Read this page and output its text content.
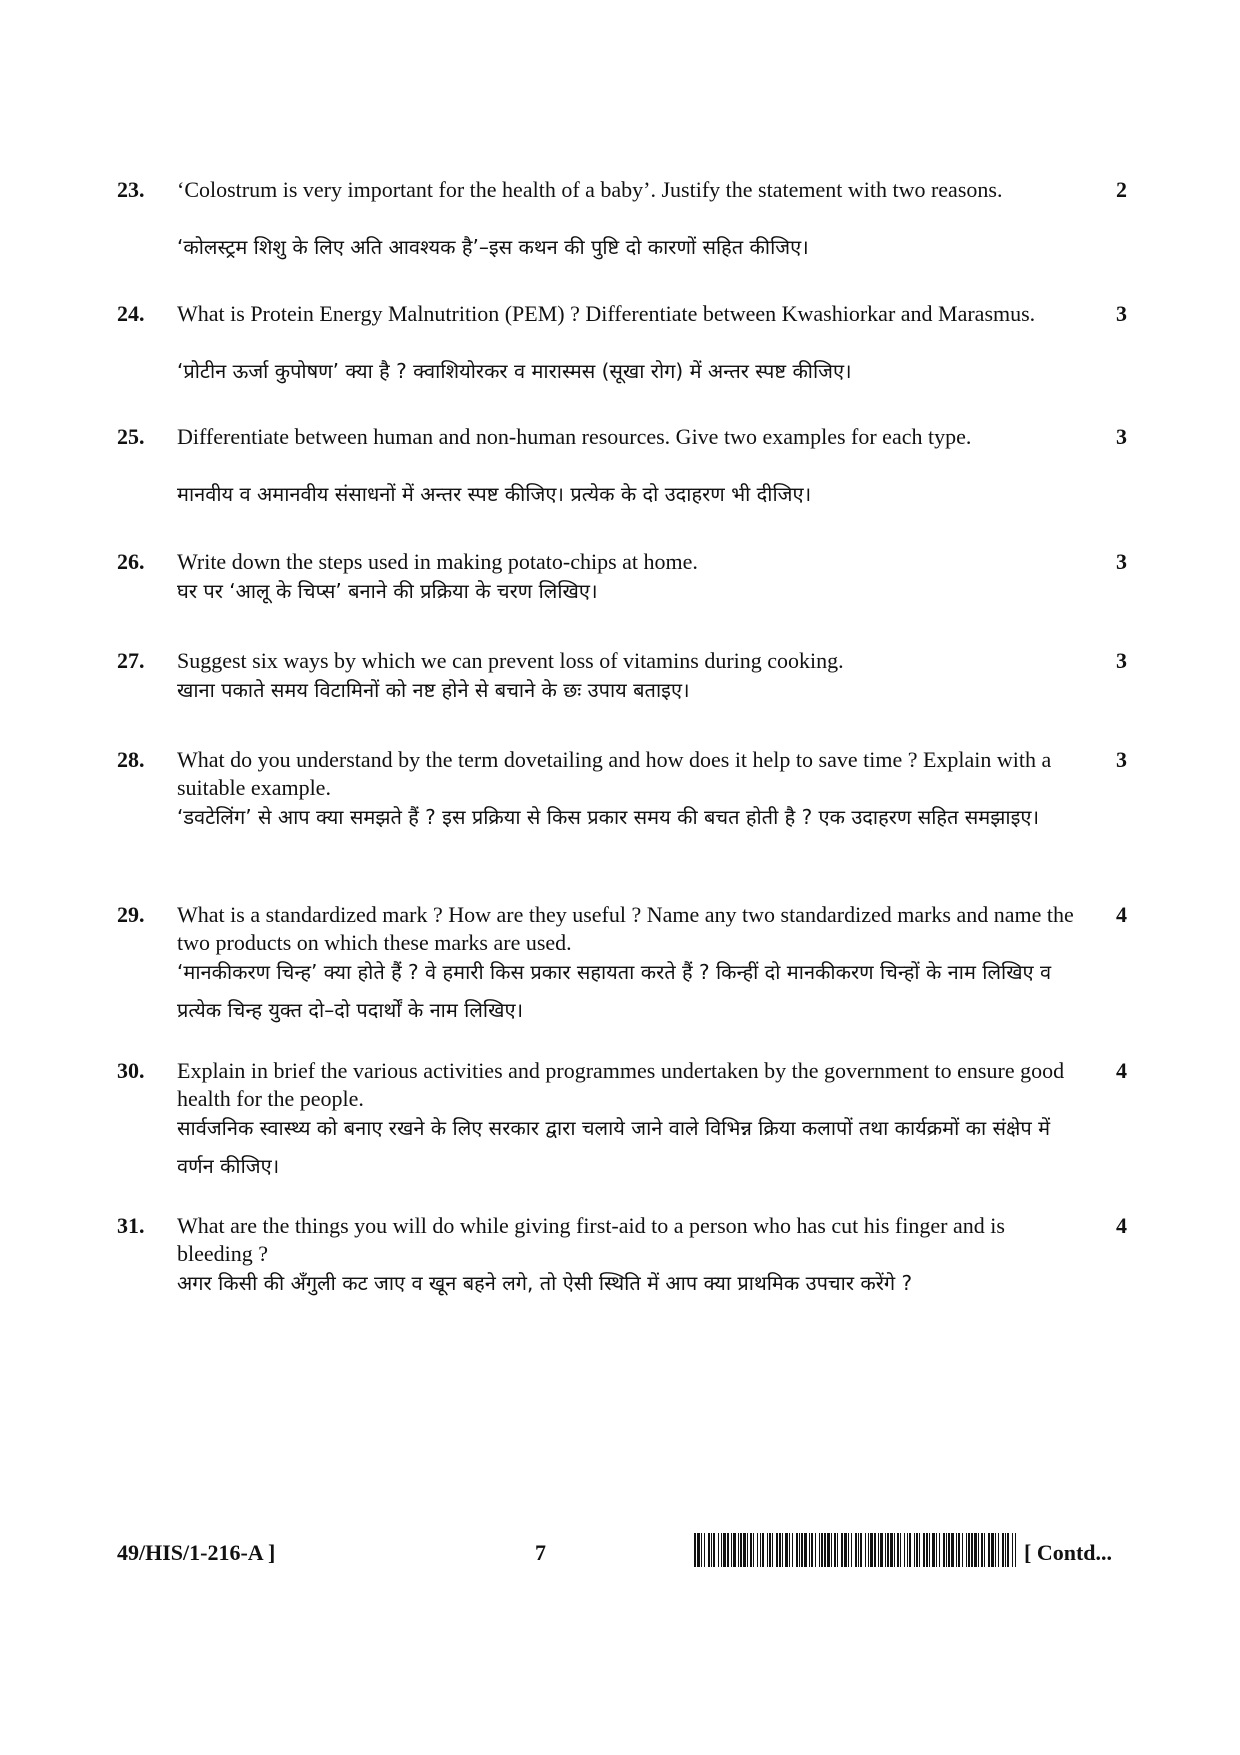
23.	‘Colostrum is very important for the health of a baby’. Justify the statement with two reasons.
‘कोलस्ट्रम शिशु के लिए अति आवश्यक है’–इस कथन की पुष्टि दो कारणों सहित कीजिए।
2
24.	What is Protein Energy Malnutrition (PEM) ? Differentiate between Kwashiorkar and Marasmus.
‘प्रोटीन ऊर्जा कुपोषण’ क्या है ? क्वाशियोरकर व मारास्मस (सूखा रोग) में अन्तर स्पष्ट कीजिए।
3
25.	Differentiate between human and non-human resources. Give two examples for each type.
मानवीय व अमानवीय संसाधनों में अन्तर स्पष्ट कीजिए। प्रत्येक के दो उदाहरण भी दीजिए।
3
26.	Write down the steps used in making potato-chips at home.
घर पर ‘आलू के चिप्स’ बनाने की प्रक्रिया के चरण लिखिए।
3
27.	Suggest six ways by which we can prevent loss of vitamins during cooking.
खाना पकाते समय विटामिनों को नष्ट होने से बचाने के छः उपाय बताइए।
3
28.	What do you understand by the term dovetailing and how does it help to save time ? Explain with a suitable example.
‘डवटेलिंग’ से आप क्या समझते हैं ? इस प्रक्रिया से किस प्रकार समय की बचत होती है ? एक उदाहरण सहित समझाइए।
3
29.	What is a standardized mark ? How are they useful ? Name any two standardized marks and name the two products on which these marks are used.
‘मानकीकरण चिन्ह’ क्या होते हैं ? वे हमारी किस प्रकार सहायता करते हैं ? किन्हीं दो मानकीकरण चिन्हों के नाम लिखिए व प्रत्येक चिन्ह युक्त दो–दो पदार्थों के नाम लिखिए।
4
30.	Explain in brief the various activities and programmes undertaken by the government to ensure good health for the people.
सार्वजनिक स्वास्थ्य को बनाए रखने के लिए सरकार द्वारा चलाये जाने वाले विभिन्न क्रिया कलापों तथा कार्यक्रमों का संक्षेप में वर्णन कीजिए।
4
31.	What are the things you will do while giving first-aid to a person who has cut his finger and is bleeding ?
अगर किसी की अँगुली कट जाए व खून बहने लगे, तो ऐसी स्थिति में आप क्या प्राथमिक उपचार करेंगे ?
4
49/HIS/1-216-A ]	7	[ Contd...
